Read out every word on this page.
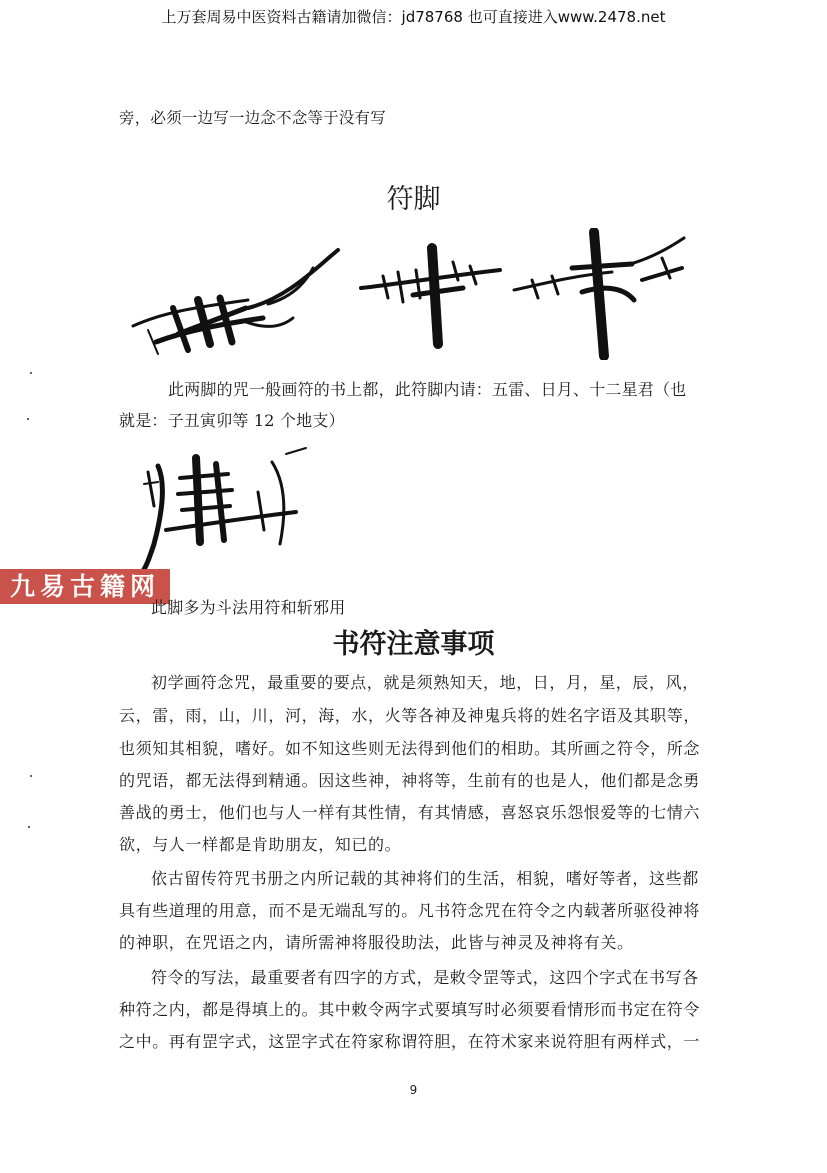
上万套周易中医资料古籍请加微信：jd78768 也可直接进入www.2478.net
旁，必须一边写一边念不念等于没有写
符脚
此两脚的咒一般画符的书上都，此符脚内请：五雷、日月、十二星君（也
就是：子丑寅卯等 12 个地支）
九易古籍网
此脚多为斗法用符和斩邪用
书符注意事项
初学画符念咒，最重要的要点，就是须熟知天，地，日，月，星，辰，风，
云，雷，雨，山，川，河，海，水，火等各神及神鬼兵将的姓名字语及其职等，
也须知其相貌，嗜好。如不知这些则无法得到他们的相助。其所画之符令，所念
的咒语，都无法得到精通。因这些神，神将等，生前有的也是人，他们都是念勇
善战的勇士，他们也与人一样有其性情，有其情感，喜怒哀乐怨恨爱等的七情六
欲，与人一样都是肯助朋友，知已的。
依古留传符咒书册之内所记载的其神将们的生活，相貌，嗜好等者，这些都
具有些道理的用意，而不是无端乱写的。凡书符念咒在符令之内载著所驱役神将
的神职，在咒语之内，请所需神将服役助法，此皆与神灵及神将有关。
符令的写法，最重要者有四字的方式，是敕令罡等式，这四个字式在书写各
种符之内，都是得填上的。其中敕令两字式要填写时必须要看情形而书定在符令
之中。再有罡字式，这罡字式在符家称谓符胆，在符术家来说符胆有两样式，一
9
